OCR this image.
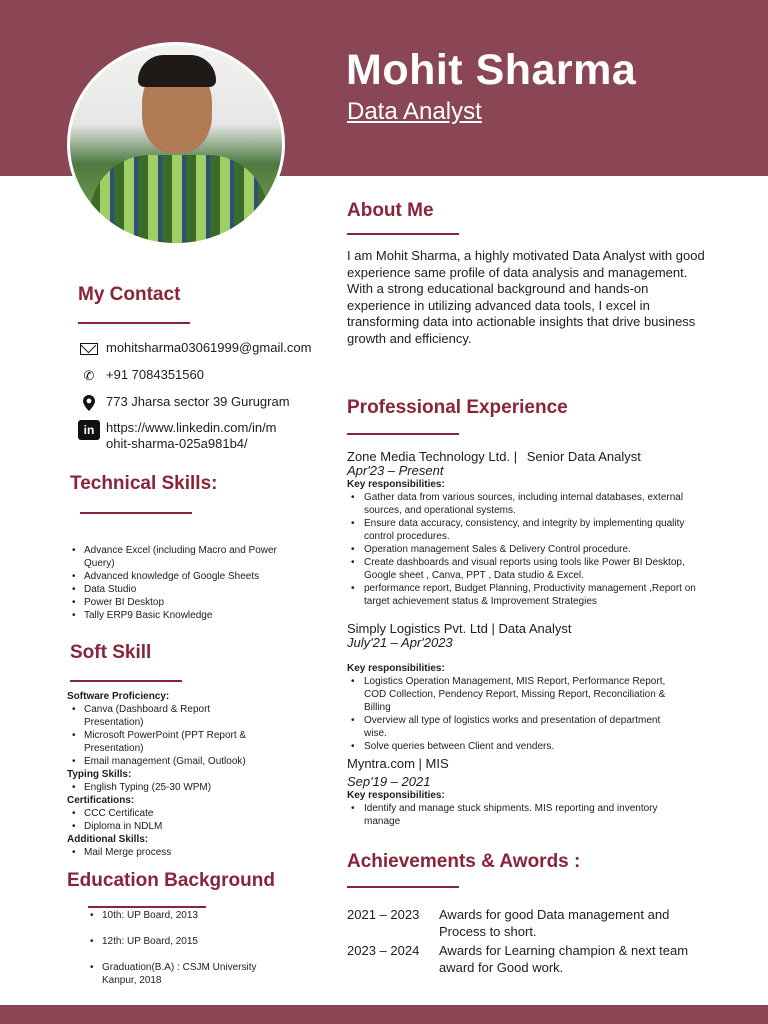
Mohit Sharma

Data Analyst

About Me
I am Mohit Sharma, a highly motivated Data Analyst with good experience same profile of data analysis and management. With a strong educational background and hands-on experience in utilizing advanced data tools, I excel in transforming data into actionable insights that drive business growth and efficiency.
My Contact
mohitsharma03061999@gmail.com
✆ +91 7084351560
773 Jharsa sector 39 Gurugram
in https://www.linkedin.com/in/m
ohit-sharma-025a981b4/
Technical Skills:
• Advance Excel (including Macro and Power Query)
• Advanced knowledge of Google Sheets
• Data Studio
• Power BI Desktop
• Tally ERP9 Basic Knowledge
Soft Skill
Software Proficiency:
• Canva (Dashboard & Report Presentation)
• Microsoft PowerPoint (PPT Report & Presentation)
• Email management (Gmail, Outlook)
Typing Skills:
• English Typing (25-30 WPM)
Certifications:
• CCC Certificate
• Diploma in NDLM
Additional Skills:
• Mail Merge process
Education Background
• 10th: UP Board, 2013
• 12th: UP Board, 2015
• Graduation(B.A) : CSJM University Kanpur, 2018
Professional Experience
Zone Media Technology Ltd. | Senior Data Analyst
Apr'23 – Present
Key responsibilities:
• Gather data from various sources, including internal databases, external sources, and operational systems.
• Ensure data accuracy, consistency, and integrity by implementing quality control procedures.
• Operation management Sales & Delivery Control procedure.
• Create dashboards and visual reports using tools like Power BI Desktop, Google sheet , Canva, PPT , Data studio & Excel.
• performance report, Budget Planning, Productivity management ,Report on target achievement status & Improvement Strategies
Simply Logistics Pvt. Ltd | Data Analyst
July'21 – Apr'2023
Key responsibilities:
• Logistics Operation Management, MIS Report, Performance Report, COD Collection, Pendency Report, Missing Report, Reconciliation & Billing
• Overview all type of logistics works and presentation of department wise.
• Solve queries between Client and venders.
Myntra.com | MIS
Sep'19 – 2021
Key responsibilities:
• Identify and manage stuck shipments. MIS reporting and inventory manage
Achievements & Awords :
2021 – 2023	Awards for good Data management and Process to short.
2023 – 2024	Awards for Learning champion & next team award for Good work.
